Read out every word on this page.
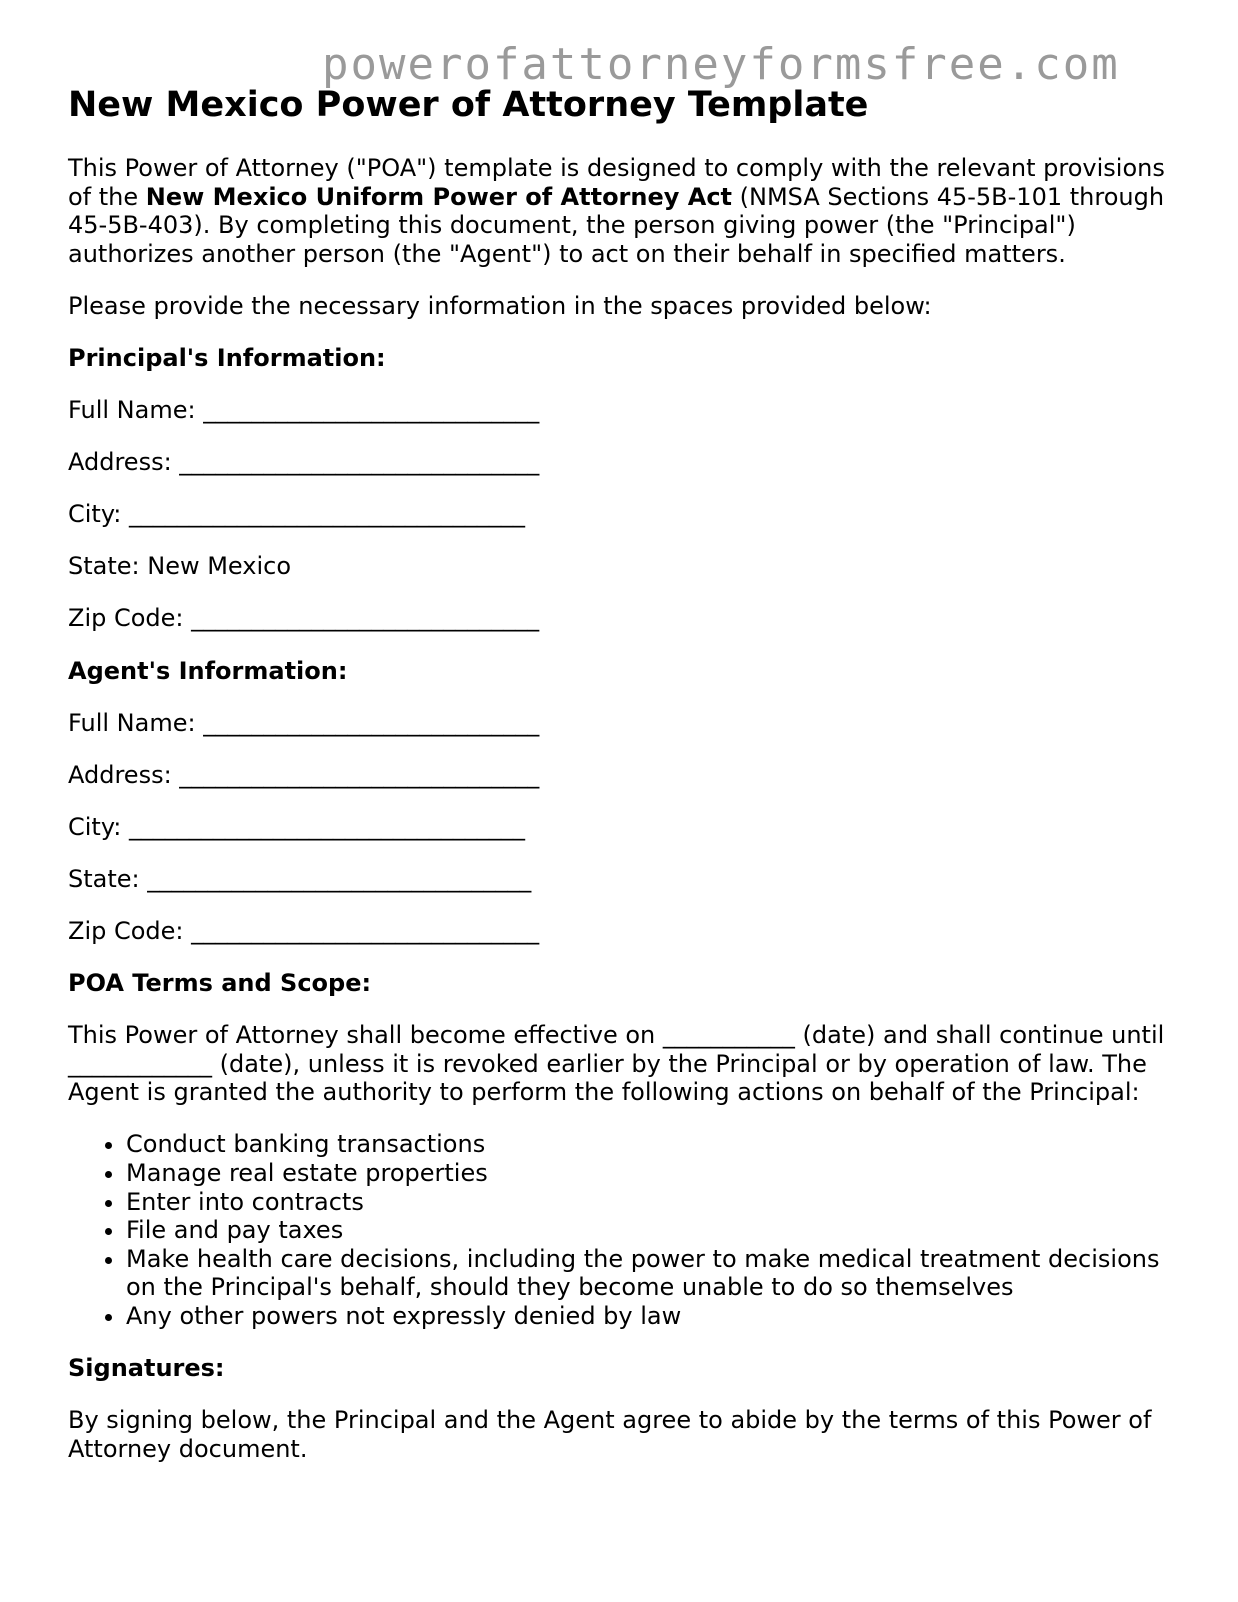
powerofattorneyformsfree.com
New Mexico Power of Attorney Template

This Power of Attorney ("POA") template is designed to comply with the relevant provisions of the New Mexico Uniform Power of Attorney Act (NMSA Sections 45-5B-101 through 45-5B-403). By completing this document, the person giving power (the "Principal") authorizes another person (the "Agent") to act on their behalf in specified matters.

Please provide the necessary information in the spaces provided below:

Principal's Information:

Full Name: ____________________________

Address: ______________________________

City: _________________________________

State: New Mexico

Zip Code: _____________________________

Agent's Information:

Full Name: ____________________________

Address: ______________________________

City: _________________________________

State: ________________________________

Zip Code: _____________________________

POA Terms and Scope:

This Power of Attorney shall become effective on ___________ (date) and shall continue until ____________ (date), unless it is revoked earlier by the Principal or by operation of law. The Agent is granted the authority to perform the following actions on behalf of the Principal:

• Conduct banking transactions
• Manage real estate properties
• Enter into contracts
• File and pay taxes
• Make health care decisions, including the power to make medical treatment decisions on the Principal's behalf, should they become unable to do so themselves
• Any other powers not expressly denied by law

Signatures:

By signing below, the Principal and the Agent agree to abide by the terms of this Power of Attorney document.
